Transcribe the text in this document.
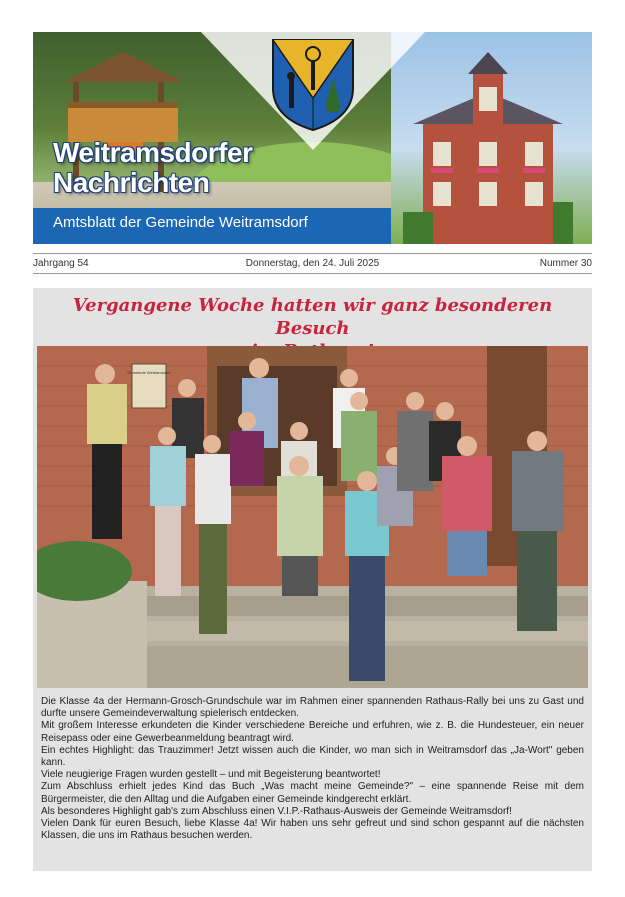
Weitramsdorfer
Nachrichten
Amtsblatt der Gemeinde Weitramsdorf
Donnerstag, den 24. Juli 2025
Jahrgang 54	Nummer 30
Vergangene Woche hatten wir ganz besonderen Besuch
Gemeinde Weitramsdorf

Die Klasse 4a der Hermann-Grosch-Grundschule war im Rahmen einer spannenden Rathaus-Rally bei uns zu Gast und durfte unsere Gemeindeverwaltung spielerisch entdecken.

Mit großem Interesse erkundeten die Kinder verschiedene Bereiche und erfuhren, wie z. B. die Hundesteuer, ein neuer Reisepass oder eine Gewerbeanmeldung beantragt wird.

Ein echtes Highlight: das Trauzimmer! Jetzt wissen auch die Kinder, wo man sich in Weitramsdorf das „Ja-Wort" geben kann.

Viele neugierige Fragen wurden gestellt – und mit Begeisterung beantwortet!

Zum Abschluss erhielt jedes Kind das Buch „Was macht meine Gemeinde?" – eine spannende Reise mit dem Bürgermeister, die den Alltag und die Aufgaben einer Gemeinde kindgerecht erklärt.

Als besonderes Highlight gab's zum Abschluss einen V.I.P.-Rathaus-Ausweis der Gemeinde Weitramsdorf!

Vielen Dank für euren Besuch, liebe Klasse 4a! Wir haben uns sehr gefreut und sind schon gespannt auf die nächsten Klassen, die uns im Rathaus besuchen werden.
